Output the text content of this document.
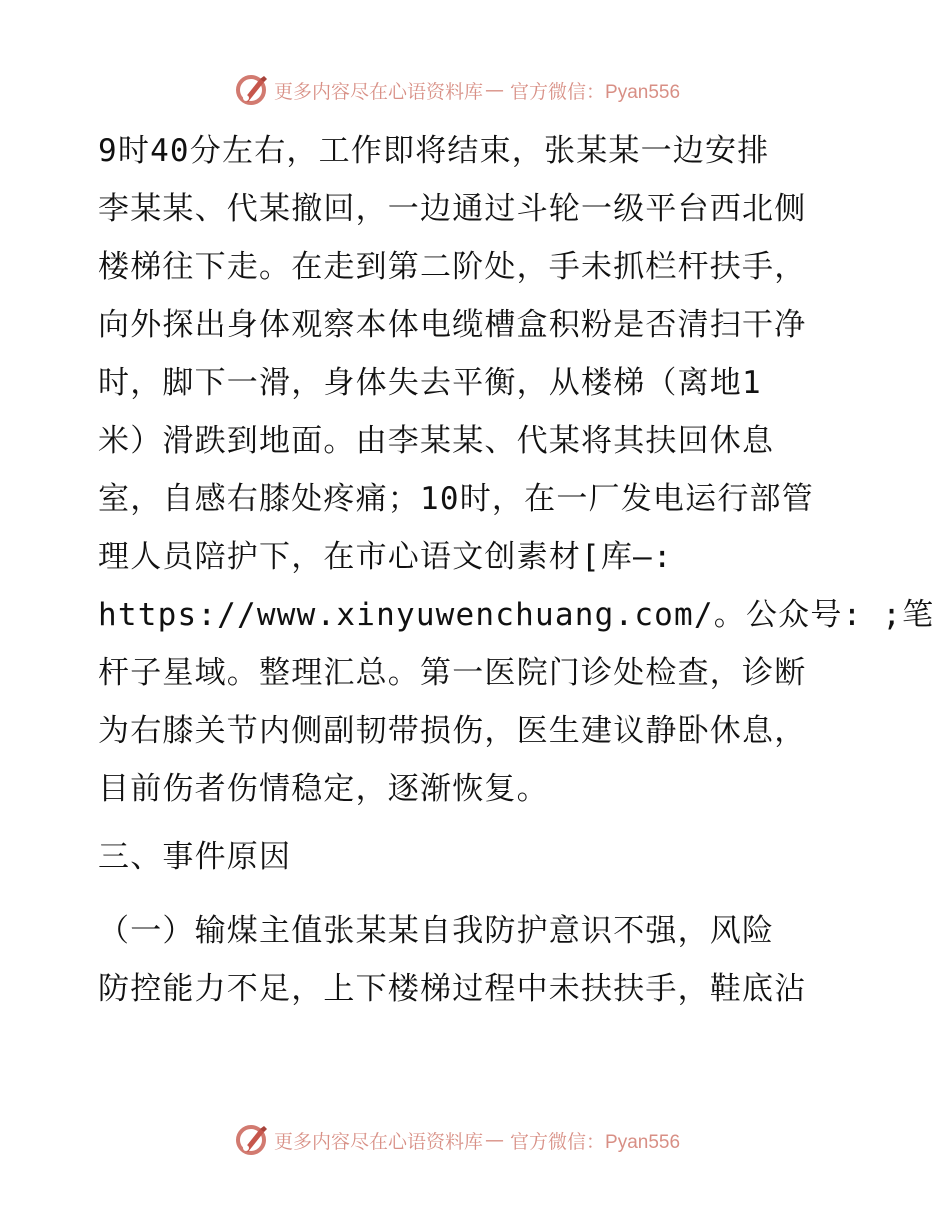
更多内容尽在心语资料库 — 官方微信：Pyan556
9时40分左右，工作即将结束，张某某一边安排
李某某、代某撤回，一边通过斗轮一级平台西北侧
楼梯往下走。在走到第二阶处，手未抓栏杆扶手，
向外探出身体观察本体电缆槽盒积粉是否清扫干净
时，脚下一滑，身体失去平衡，从楼梯（离地1
米）滑跌到地面。由李某某、代某将其扶回休息
室，自感右膝处疼痛；10时，在一厂发电运行部管
理人员陪护下，在市心语文创素材[库—:
https://www.xinyuwenchuang.com/。公众号: ;笔
杆子星域。整理汇总。第一医院门诊处检查，诊断
为右膝关节内侧副韧带损伤，医生建议静卧休息，
目前伤者伤情稳定，逐渐恢复。
三、事件原因
（一）输煤主值张某某自我防护意识不强，风险
防控能力不足，上下楼梯过程中未扶扶手，鞋底沾
更多内容尽在心语资料库 — 官方微信：Pyan556
